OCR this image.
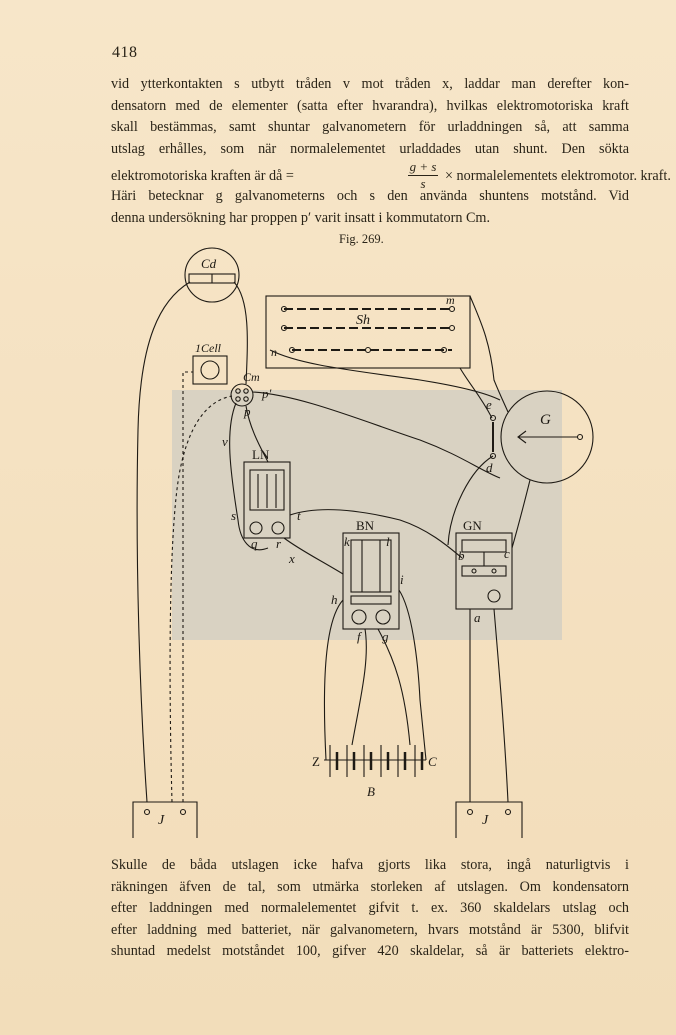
418

vid ytterkontakten s utbytt tråden v mot tråden x, laddar man derefter kon-
densatorn med de elementer (satta efter hvarandra), hvilkas elektromotoriska kraft
skall bestämmas, samt shuntar galvanometern för urladdningen så, att samma
utslag erhålles, som när normalelementet urladdades utan shunt. Den sökta

elektromotoriska kraften är då =
g + s
s	× normalelementets elektromotor. kraft.

Häri betecknar g galvanometerns och s den använda shuntens motstånd. Vid
denna undersökning har proppen p′ varit insatt i kommutatorn Cm.

Fig. 269.
Cd
1Cell
Cm
p′
p
v
m
Sh
n
e
G
d
LN
s	t
q r
x
BN
k	l
GN
b	c
i
h
f g
a
Z	C
B
J	J

Skulle de båda utslagen icke hafva gjorts lika stora, ingå naturligtvis i
räkningen äfven de tal, som utmärka storleken af utslagen. Om kondensatorn
efter laddningen med normalelementet gifvit t. ex. 360 skaldelars utslag och
efter laddning med batteriet, när galvanometern, hvars motstånd är 5300, blifvit
shuntad medelst motståndet 100, gifver 420 skaldelar, så är batteriets elektro-
